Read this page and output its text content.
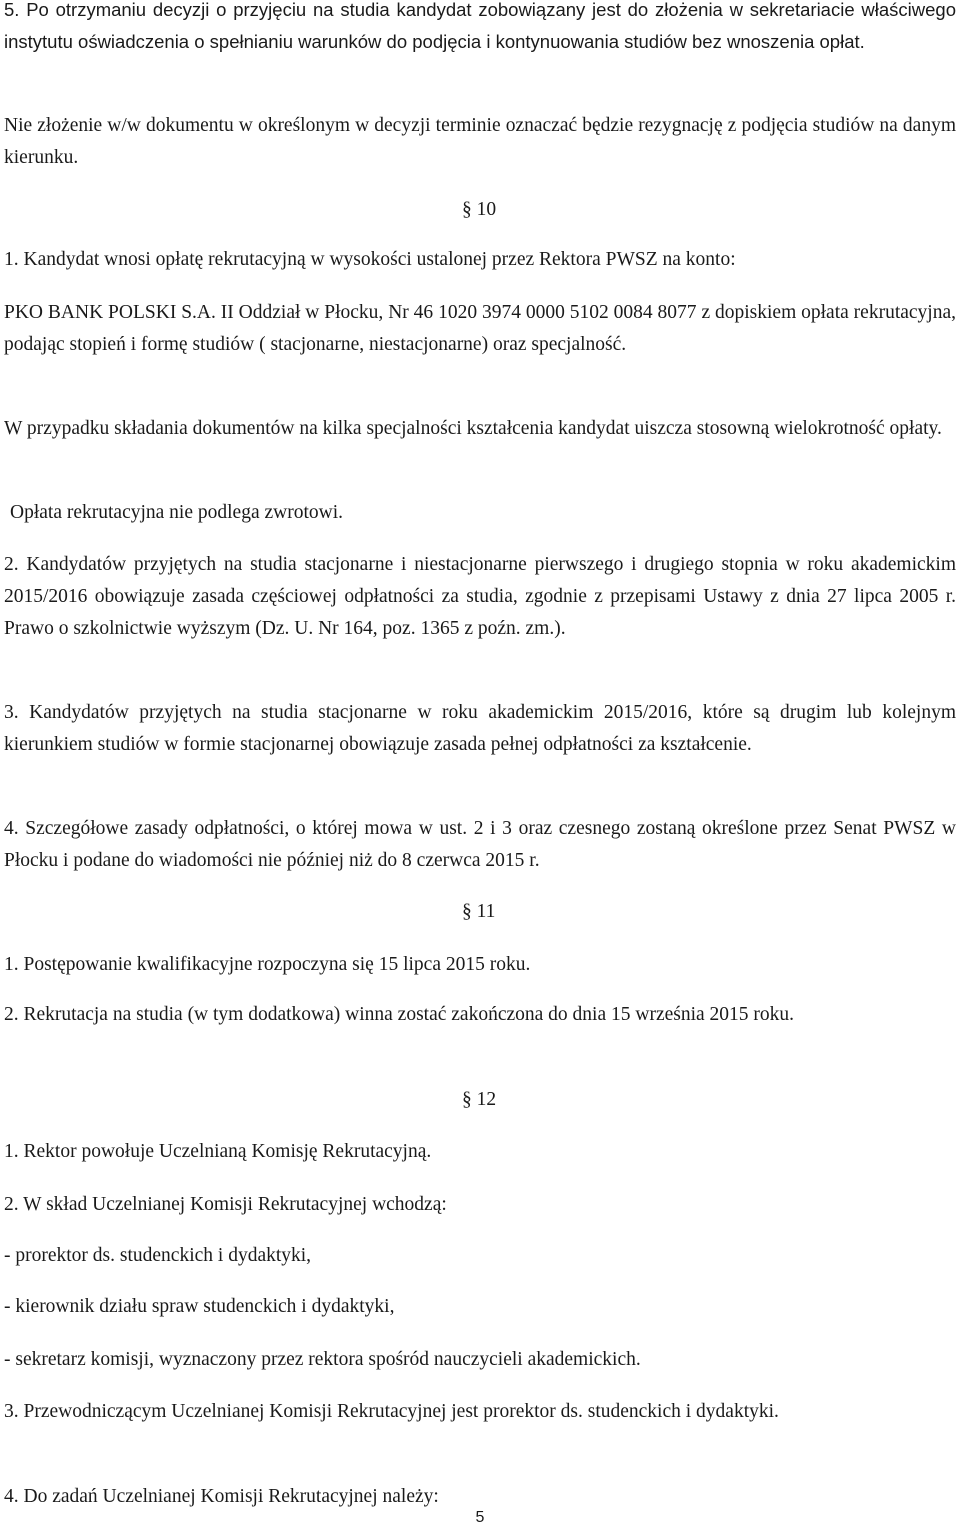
5. Po otrzymaniu decyzji o przyjęciu na studia kandydat zobowiązany jest do złożenia w sekretariacie właściwego instytutu oświadczenia o spełnianiu warunków do podjęcia i kontynuowania studiów bez wnoszenia opłat.

Nie złożenie w/w dokumentu w określonym w decyzji terminie oznaczać będzie rezygnację z podjęcia studiów na danym kierunku.

§ 10

1. Kandydat wnosi opłatę rekrutacyjną w wysokości ustalonej przez Rektora PWSZ na konto:

PKO BANK POLSKI S.A. II Oddział w Płocku, Nr 46 1020 3974 0000 5102 0084 8077 z dopiskiem opłata rekrutacyjna, podając stopień i formę studiów ( stacjonarne, niestacjonarne) oraz specjalność.

W przypadku składania dokumentów na kilka specjalności kształcenia kandydat uiszcza stosowną wielokrotność opłaty.

Opłata rekrutacyjna nie podlega zwrotowi.

2. Kandydatów przyjętych na studia stacjonarne i niestacjonarne pierwszego i drugiego stopnia w roku akademickim 2015/2016 obowiązuje zasada częściowej odpłatności za studia, zgodnie z przepisami Ustawy z dnia 27 lipca 2005 r. Prawo o szkolnictwie wyższym (Dz. U. Nr 164, poz. 1365 z poźn. zm.).

3. Kandydatów przyjętych na studia stacjonarne w roku akademickim 2015/2016, które są drugim lub kolejnym kierunkiem studiów w formie stacjonarnej obowiązuje zasada pełnej odpłatności za kształcenie.

4. Szczegółowe zasady odpłatności, o której mowa w ust. 2 i 3 oraz czesnego zostaną określone przez Senat PWSZ w Płocku i podane do wiadomości nie później niż do 8 czerwca 2015 r.

§ 11

1. Postępowanie kwalifikacyjne rozpoczyna się 15 lipca 2015 roku.

2. Rekrutacja na studia (w tym dodatkowa) winna zostać zakończona do dnia 15 września 2015 roku.

§ 12

1. Rektor powołuje Uczelnianą Komisję Rekrutacyjną.

2. W skład Uczelnianej Komisji Rekrutacyjnej wchodzą:

- prorektor ds. studenckich i dydaktyki,

- kierownik działu spraw studenckich i dydaktyki,

- sekretarz komisji, wyznaczony przez rektora spośród nauczycieli akademickich.

3. Przewodniczącym Uczelnianej Komisji Rekrutacyjnej jest prorektor ds. studenckich i dydaktyki.

4. Do zadań Uczelnianej Komisji Rekrutacyjnej należy:

5
